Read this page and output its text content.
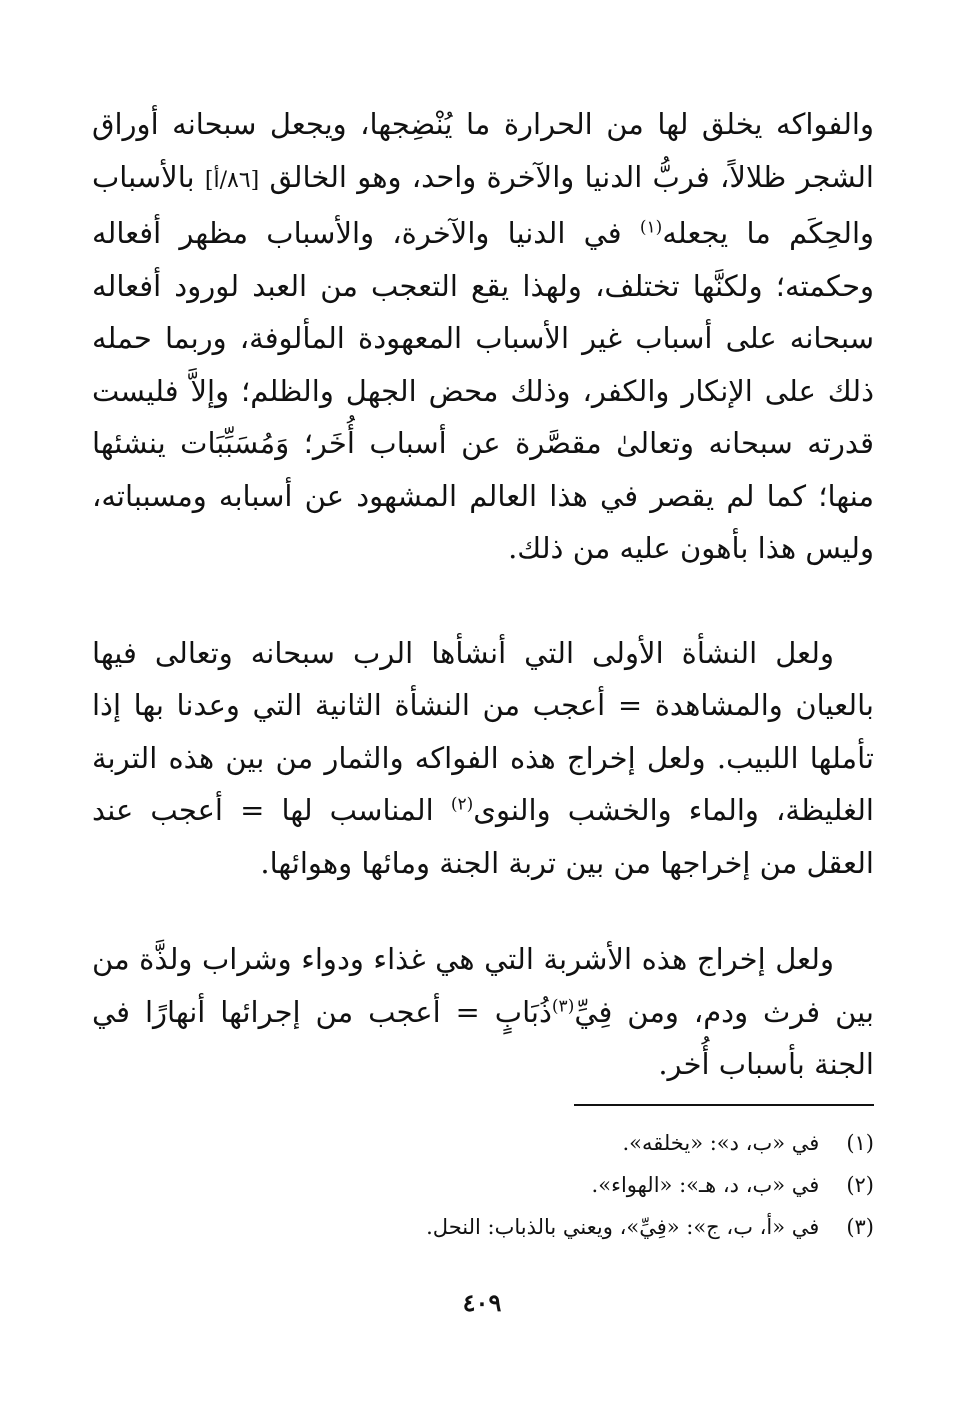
والفواكه يخلق لها من الحرارة ما يُنْضِجها، ويجعل سبحانه أوراق الشجر ظلالاً، فربُّ الدنيا والآخرة واحد، وهو الخالق [٨٦/أ] بالأسباب والحِكَم ما يجعله$^{(١)}$ في الدنيا والآخرة، والأسباب مظهر أفعاله وحكمته؛ ولكنَّها تختلف، ولهذا يقع التعجب من العبد لورود أفعاله سبحانه على أسباب غير الأسباب المعهودة المألوفة، وربما حمله ذلك على الإنكار والكفر، وذلك محض الجهل والظلم؛ وإلاَّ فليست قدرته سبحانه وتعالىٰ مقصَّرة عن أسباب أُخَر؛ وَمُسَبِّبَات ينشئها منها؛ كما لم يقصر في هذا العالم المشهود عن أسبابه ومسبباته، وليس هذا بأهون عليه من ذلك.

ولعل النشأة الأولى التي أنشأها الرب سبحانه وتعالى فيها بالعيان والمشاهدة = أعجب من النشأة الثانية التي وعدنا بها إذا تأملها اللبيب. ولعل إخراج هذه الفواكه والثمار من بين هذه التربة الغليظة، والماء والخشب والنوى$^{(٢)}$ المناسب لها = أعجب عند العقل من إخراجها من بين تربة الجنة ومائها وهوائها.

ولعل إخراج هذه الأشربة التي هي غذاء ودواء وشراب ولذَّة من بين فرث ودم، ومن فِيِّ$^{(٣)}$ذُبَابٍ = أعجب من إجرائها أنهارًا في الجنة بأسباب أُخر.

(١) في «ب، د»: «يخلقه».
(٢) في «ب، د، هـ»: «الهواء».
(٣) في «أ، ب، ج»: «فِيِّ»، ويعني بالذباب: النحل.
٤٠٩
